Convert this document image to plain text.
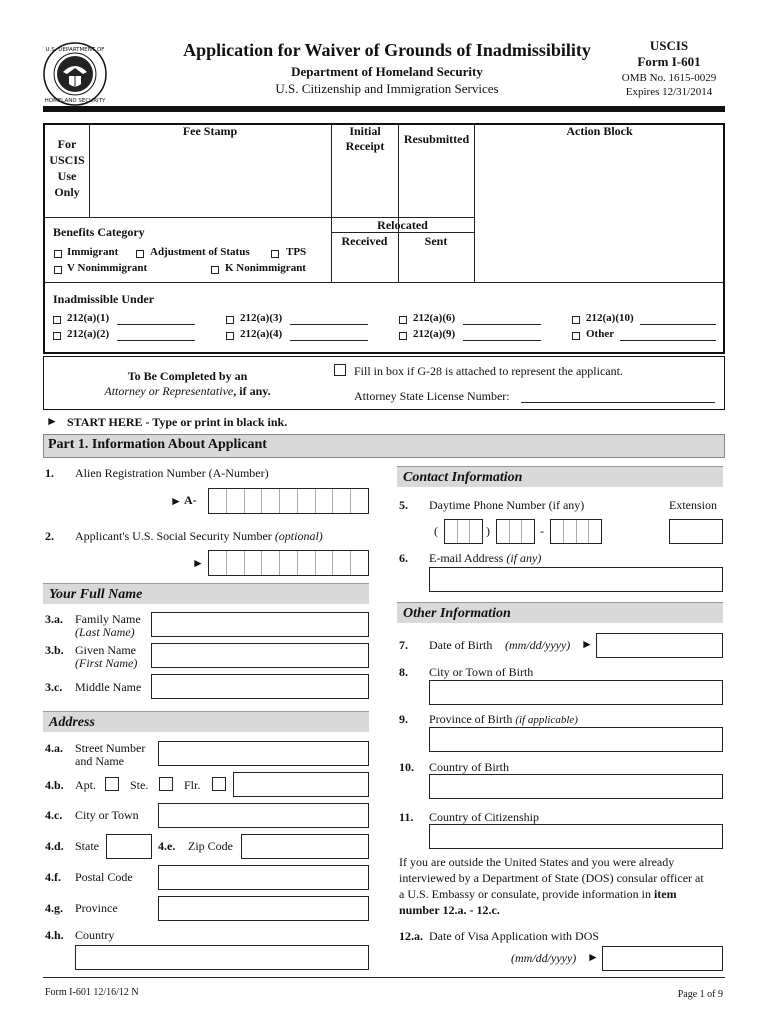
U.S. DEPARTMENT OF
HOMELAND SECURITY
Application for Waiver of Grounds of Inadmissibility
Department of Homeland Security
U.S. Citizenship and Immigration Services
USCIS
Form I-601
OMB No. 1615-0029
Expires 12/31/2014
For USCIS Use Only
Fee Stamp	Initial Receipt	Resubmitted
Action Block
Relocated
Received	Sent
Benefits Category
Immigrant	Adjustment of Status	TPS
V Nonimmigrant	K Nonimmigrant
Inadmissible Under
212(a)(1)	212(a)(3)	212(a)(6)	212(a)(10)
212(a)(2)	212(a)(4)	212(a)(9)	Other
To Be Completed by an
Attorney or Representative, if any.
Fill in box if G-28 is attached to represent the applicant.
Attorney State License Number:
► START HERE - Type or print in black ink.
Part 1. Information About Applicant
1. Alien Registration Number (A-Number)
► A-
2. Applicant's U.S. Social Security Number (optional)
►
Your Full Name
3.a. Family Name
(Last Name)
3.b. Given Name
(First Name)
3.c. Middle Name
Address
4.a. Street Number
and Name
4.b. Apt.	Ste.	Flr.
4.c. City or Town
4.d. State	4.e. Zip Code
4.f. Postal Code
4.g. Province
4.h. Country
Contact Information
5. Daytime Phone Number (if any)	Extension
(	)	-
6. E-mail Address (if any)
Other Information
7. Date of Birth (mm/dd/yyyy) ►
8. City or Town of Birth
9. Province of Birth (if applicable)
10. Country of Birth
11. Country of Citizenship
If you are outside the United States and you were already
interviewed by a Department of State (DOS) consular officer at
a U.S. Embassy or consulate, provide information in item
number 12.a. - 12.c.
12.a. Date of Visa Application with DOS
(mm/dd/yyyy) ►
Form I-601 12/16/12 N	Page 1 of 9
